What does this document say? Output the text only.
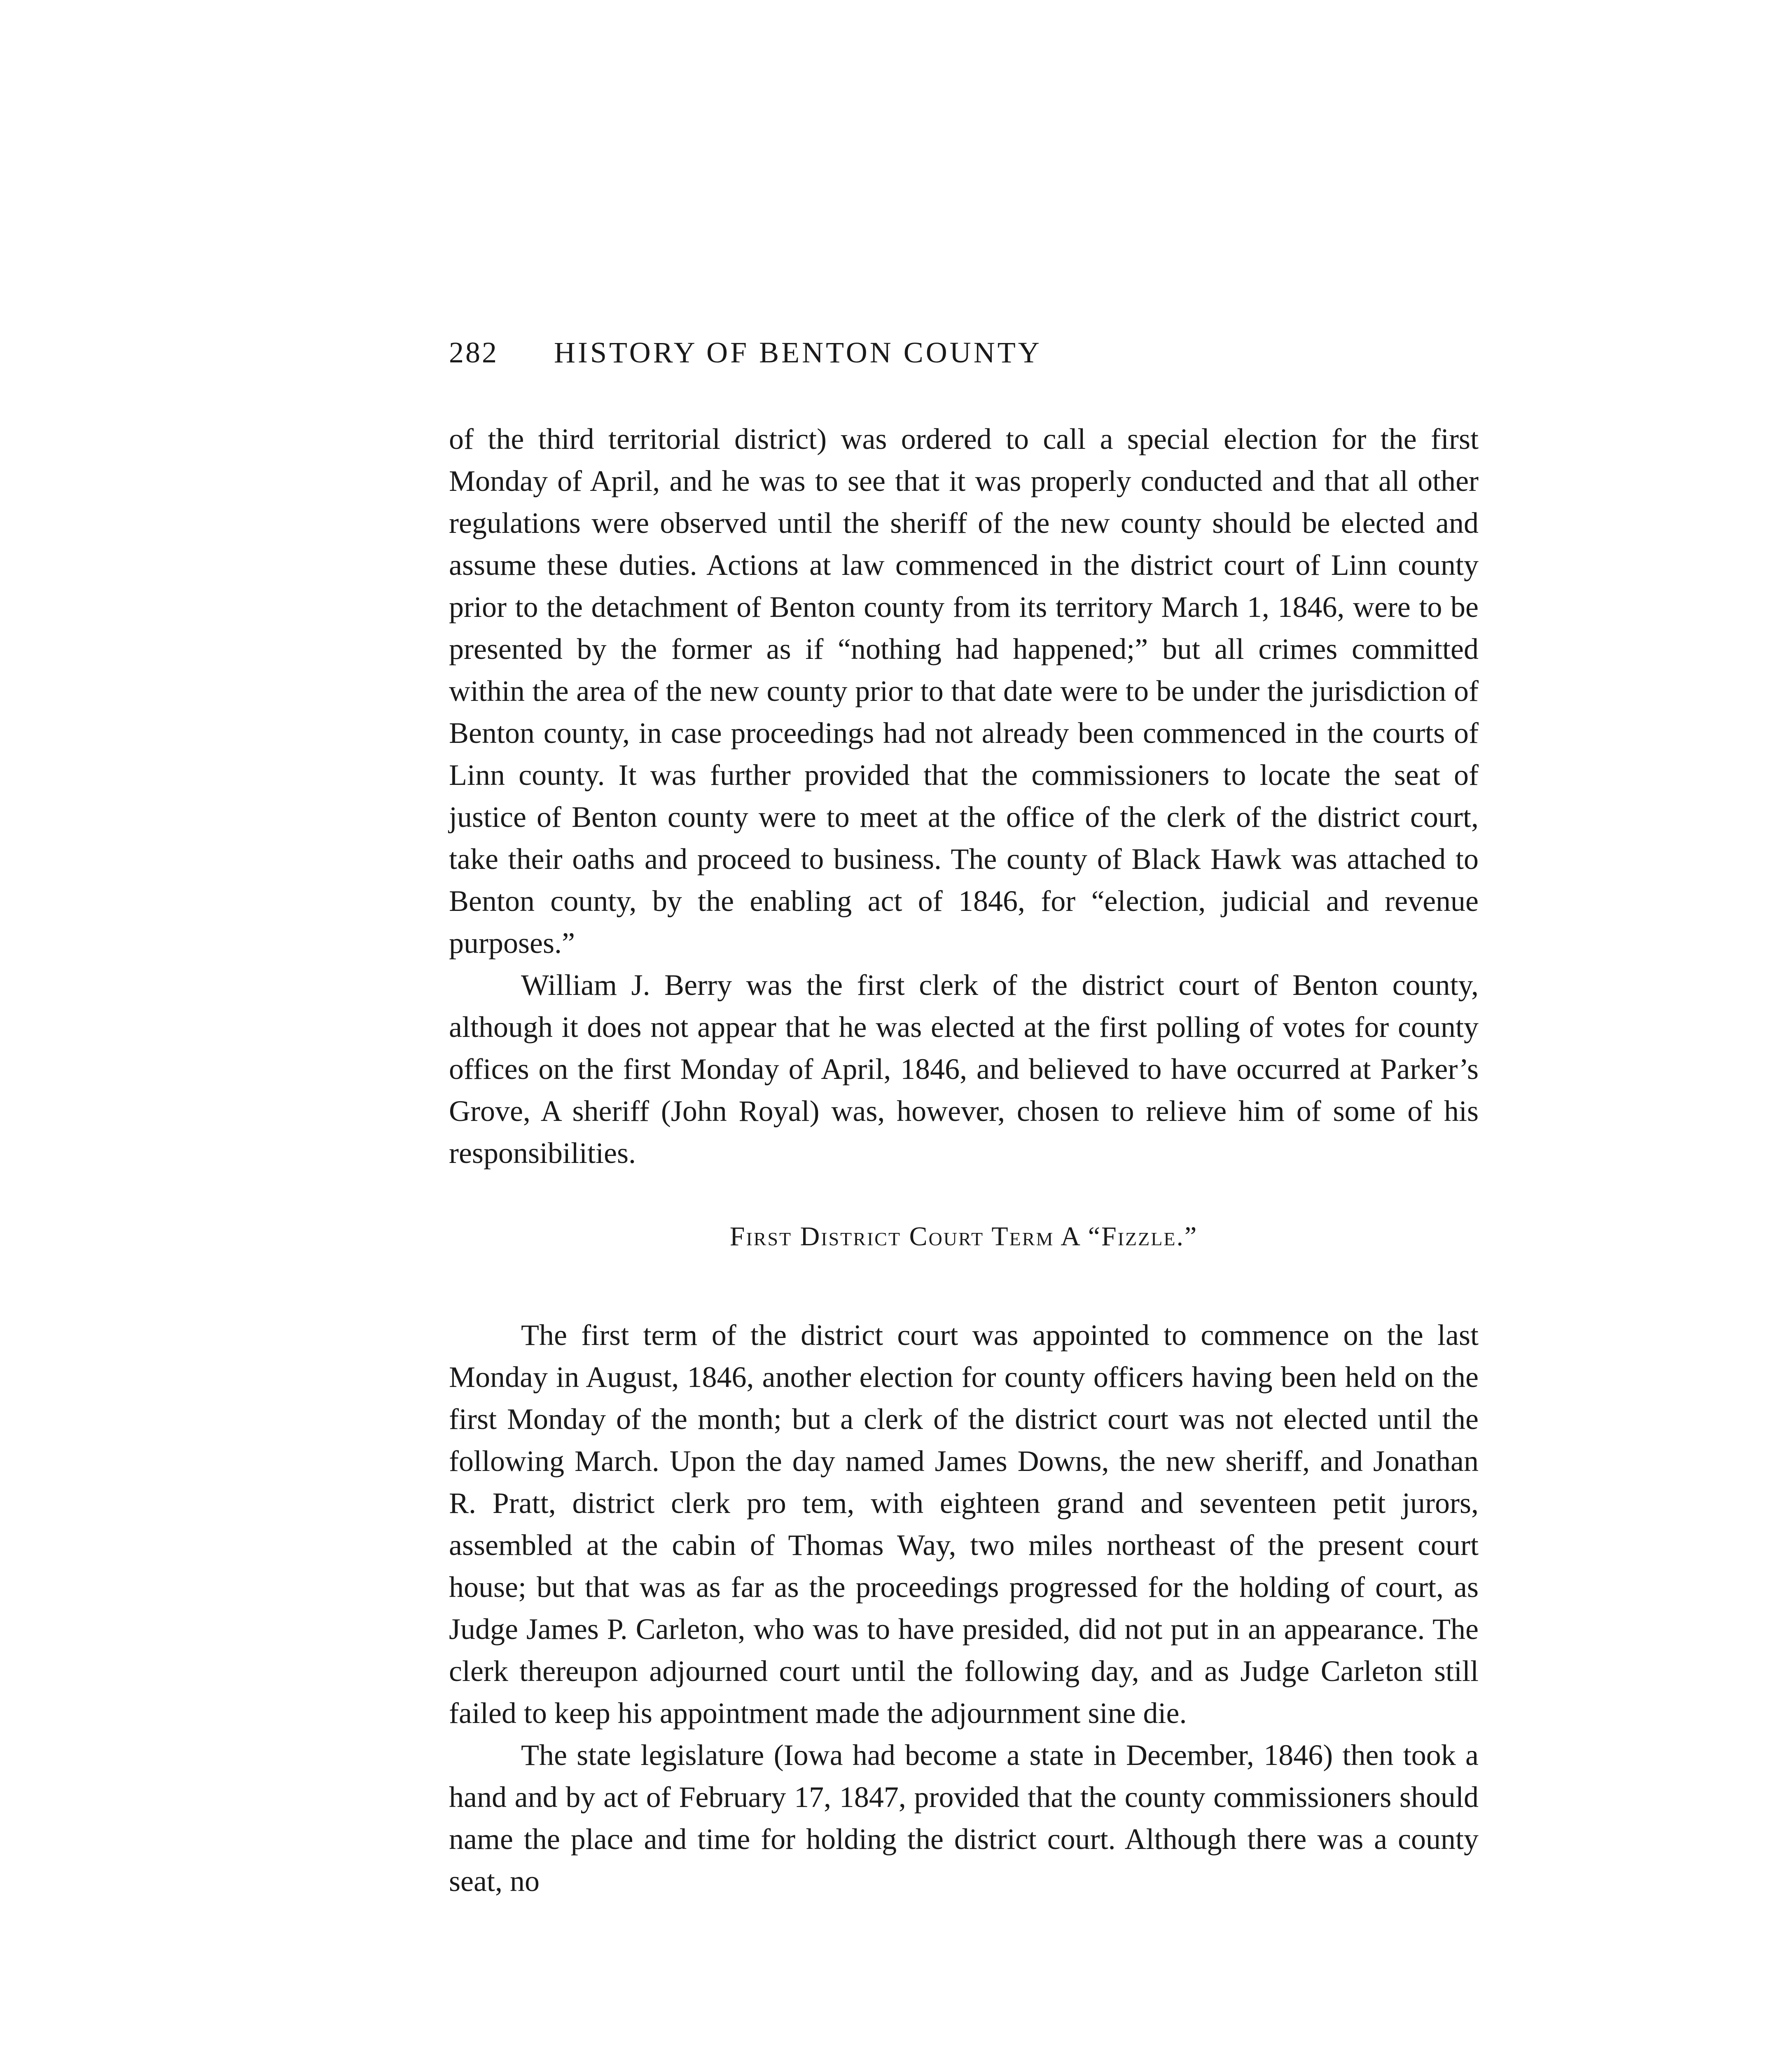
282 HISTORY OF BENTON COUNTY

of the third territorial district) was ordered to call a special election for the first Monday of April, and he was to see that it was properly conducted and that all other regulations were observed until the sheriff of the new county should be elected and assume these duties. Actions at law commenced in the district court of Linn county prior to the detachment of Benton county from its territory March 1, 1846, were to be presented by the former as if “nothing had happened;” but all crimes committed within the area of the new county prior to that date were to be under the jurisdiction of Benton county, in case proceedings had not already been commenced in the courts of Linn county. It was further provided that the commissioners to locate the seat of justice of Benton county were to meet at the office of the clerk of the district court, take their oaths and proceed to business. The county of Black Hawk was attached to Benton county, by the enabling act of 1846, for “election, judicial and revenue purposes.”

William J. Berry was the first clerk of the district court of Benton county, although it does not appear that he was elected at the first polling of votes for county offices on the first Monday of April, 1846, and believed to have occurred at Parker’s Grove, A sheriff (John Royal) was, however, chosen to relieve him of some of his responsibilities.

First District Court Term A “Fizzle.”

The first term of the district court was appointed to commence on the last Monday in August, 1846, another election for county officers having been held on the first Monday of the month; but a clerk of the district court was not elected until the following March. Upon the day named James Downs, the new sheriff, and Jonathan R. Pratt, district clerk pro tem, with eighteen grand and seventeen petit jurors, assembled at the cabin of Thomas Way, two miles northeast of the present court house; but that was as far as the proceedings progressed for the holding of court, as Judge James P. Carleton, who was to have presided, did not put in an appearance. The clerk thereupon adjourned court until the following day, and as Judge Carleton still failed to keep his appointment made the adjournment sine die.

The state legislature (Iowa had become a state in December, 1846) then took a hand and by act of February 17, 1847, provided that the county commissioners should name the place and time for holding the district court. Although there was a county seat, no
